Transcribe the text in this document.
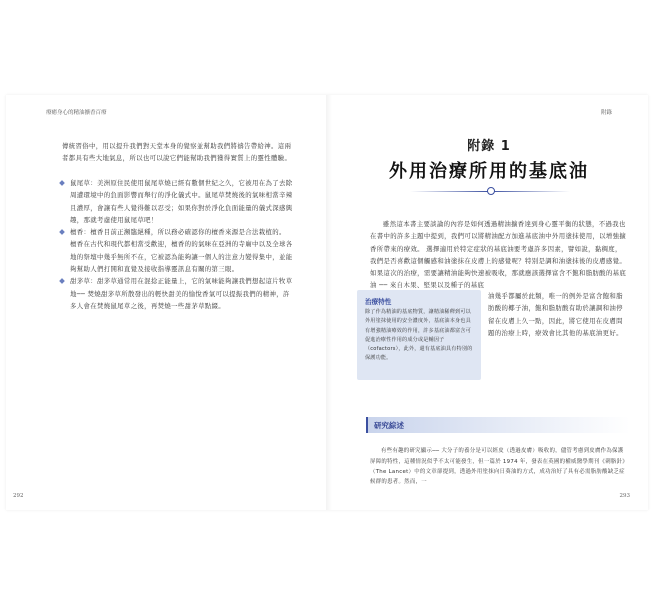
療癒身心的精油擴香百療

傳統習俗中，用以提升我們對天堂本身的覺察並幫助我們將禱告帶給神。這兩者都具有些大地氣息，所以也可以說它們能幫助我們獲得實質上的靈性體驗。

鼠尾草：美洲原住民使用鼠尾草燒已經有數個世紀之久，它被用在為了去除周遭環境中的負面影響而舉行的淨化儀式中。鼠尾草焚燒後的氣味相當辛辣且濃厚，會讓有些人覺得難以忍受；如果你對於淨化負面能量的儀式深感興趣，那就考慮使用鼠尾草吧！
檀香：檀香目前正瀕臨絕種，所以務必確認你的檀香來源是合法栽植的。 檀香在古代和現代都相當受歡迎，檀香的的氣味在亞洲的寺廟中以及全球各地的祭壇中幾乎無所不在，它被認為能夠讓一個人的注意力變得集中，並能夠幫助人們打開和直覺及接收指導靈訊息有關的第三眼。
甜茅草：甜茅草通常用在混捻正能量上，它的氣味能夠讓我們想起這片牧草地── 焚燒甜茅草所散發出的輕快甜美的愉悅香氣可以提振我們的精神，許多人會在焚燒鼠尾草之後，再焚燒一些甜茅草點綴。
292
附錄
附錄 1
外用治療所用的基底油

雖然這本書主要談論的內容是如何透過精油擴香達到身心靈平衡的狀態，不過我也在書中的許多主題中提到，我們可以將精油配方加進基底油中外用塗抹使用，以增強擴香所帶來的療效。 選擇適用於特定症狀的基底油要考慮許多因素，譬如說，黏稠度，我們是否喜歡這個觸感和油塗抹在皮膚上的感覺呢？特別是調和油塗抹後的皮膚感覺。如果這次的治療，需要讓精油能夠快速被吸收，那就應該選擇富含不飽和脂肪酸的基底油 ── 來自木果、堅果以及種子的基底

治療特性
除了作為精油的基底物質，讓精油稀釋到可以外用塗抹使用的安全濃度外，基底油本身也具有增強精油療效的作用，許多基底油都富含可促進治療性作用的成分或是輔因子（cofactors），此外，還有基底油具有特別的保護功能。

油幾乎都屬於此類，唯一的例外是富含飽和脂肪酸的椰子油，飽和脂肪酸有助於讓調和油停留在皮膚上久一點，因此，將它使用在皮膚問題的治療上時，療效會比其他的基底油更好。

研究綜述

有些有趣的研究顯示── 大分子的養分是可以經皮（透過皮膚）吸收的，儘管考慮到皮膚作為保護屏障的特性，這種情況似乎不太可能發生，但一篇於 1974 年，發表在英國的權威醫學期刊《刺胳針》（The Lancet）中的文章卻提到，透過外用塗抹向日葵油的方式，成功治好了具有必需脂肪酸缺乏症候群的患者。然而，一

293
